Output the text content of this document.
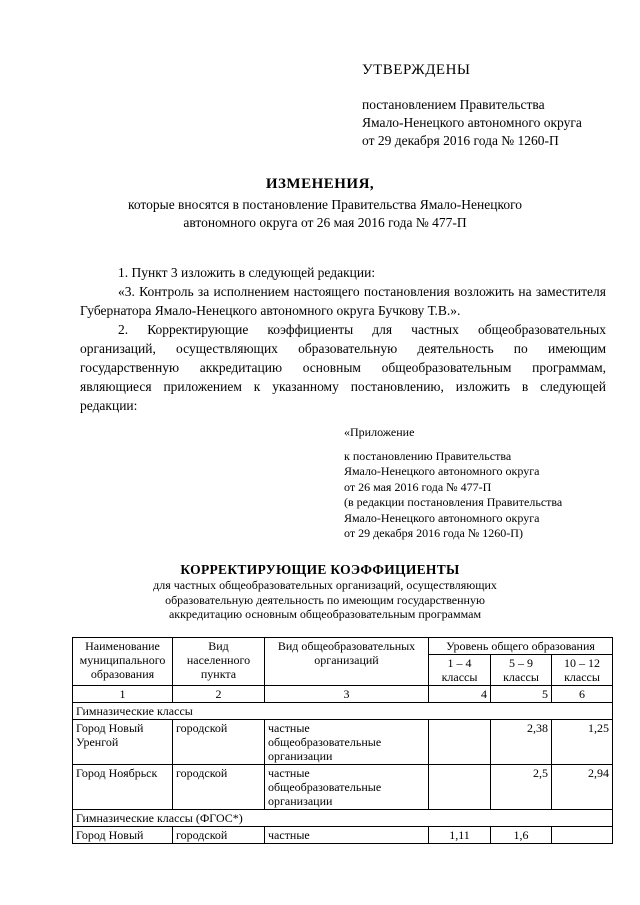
УТВЕРЖДЕНЫ
постановлением Правительства
Ямало-Ненецкого автономного округа
от 29 декабря 2016 года № 1260-П
ИЗМЕНЕНИЯ,
которые вносятся в постановление Правительства Ямало-Ненецкого
автономного округа от 26 мая 2016 года № 477-П

1. Пункт 3 изложить в следующей редакции:

«3. Контроль за исполнением настоящего постановления возложить на заместителя Губернатора Ямало-Ненецкого автономного округа Бучкову Т.В.».

2. Корректирующие коэффициенты для частных общеобразовательных организаций, осуществляющих образовательную деятельность по имеющим государственную аккредитацию основным общеобразовательным программам, являющиеся приложением к указанному постановлению, изложить в следующей редакции:

«Приложение
к постановлению Правительства
Ямало-Ненецкого автономного округа
от 26 мая 2016 года № 477-П
(в редакции постановления Правительства
Ямало-Ненецкого автономного округа
от 29 декабря 2016 года № 1260-П)
КОРРЕКТИРУЮЩИЕ КОЭФФИЦИЕНТЫ
для частных общеобразовательных организаций, осуществляющих
образовательную деятельность по имеющим государственную
аккредитацию основным общеобразовательным программам
Наименование муниципального образования	Вид населенного пункта	Вид общеобразовательных организаций	Уровень общего образования		
			1 – 4 классы	5 – 9 классы	10 – 12 классы
1	2	3	4	5	6
Гимназические классы					
Город Новый Уренгой	городской	частные общеобразовательные организации		2,38	1,25
Город Ноябрьск	городской	частные общеобразовательные организации		2,5	2,94
Гимназические классы (ФГОС*)					
Город Новый	городской	частные	1,11	1,6	
